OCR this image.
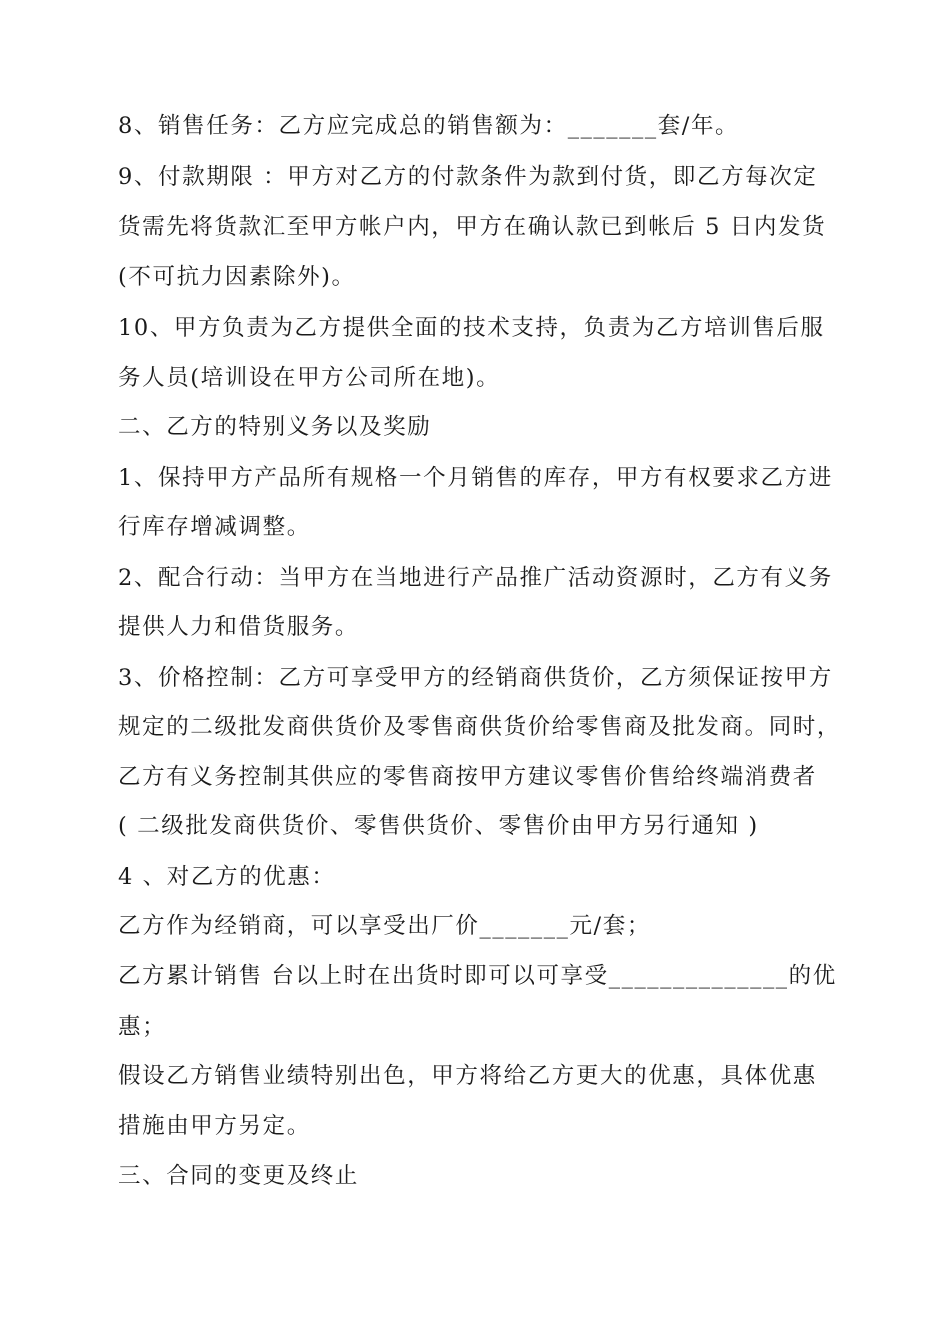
8、销售任务：乙方应完成总的销售额为：_______套/年。
9、付款期限 ：甲方对乙方的付款条件为款到付货，即乙方每次定
货需先将货款汇至甲方帐户内，甲方在确认款已到帐后 5 日内发货
(不可抗力因素除外)。
10、甲方负责为乙方提供全面的技术支持，负责为乙方培训售后服
务人员(培训设在甲方公司所在地)。
二、乙方的特别义务以及奖励
1、保持甲方产品所有规格一个月销售的库存，甲方有权要求乙方进
行库存增减调整。
2、配合行动：当甲方在当地进行产品推广活动资源时，乙方有义务
提供人力和借货服务。
3、价格控制：乙方可享受甲方的经销商供货价，乙方须保证按甲方
规定的二级批发商供货价及零售商供货价给零售商及批发商。同时，
乙方有义务控制其供应的零售商按甲方建议零售价售给终端消费者
( 二级批发商供货价、零售供货价、零售价由甲方另行通知 )
4 、对乙方的优惠：
乙方作为经销商，可以享受出厂价_______元/套；
乙方累计销售 台以上时在出货时即可以可享受______________的优
惠；
假设乙方销售业绩特别出色，甲方将给乙方更大的优惠，具体优惠
措施由甲方另定。
三、合同的变更及终止
